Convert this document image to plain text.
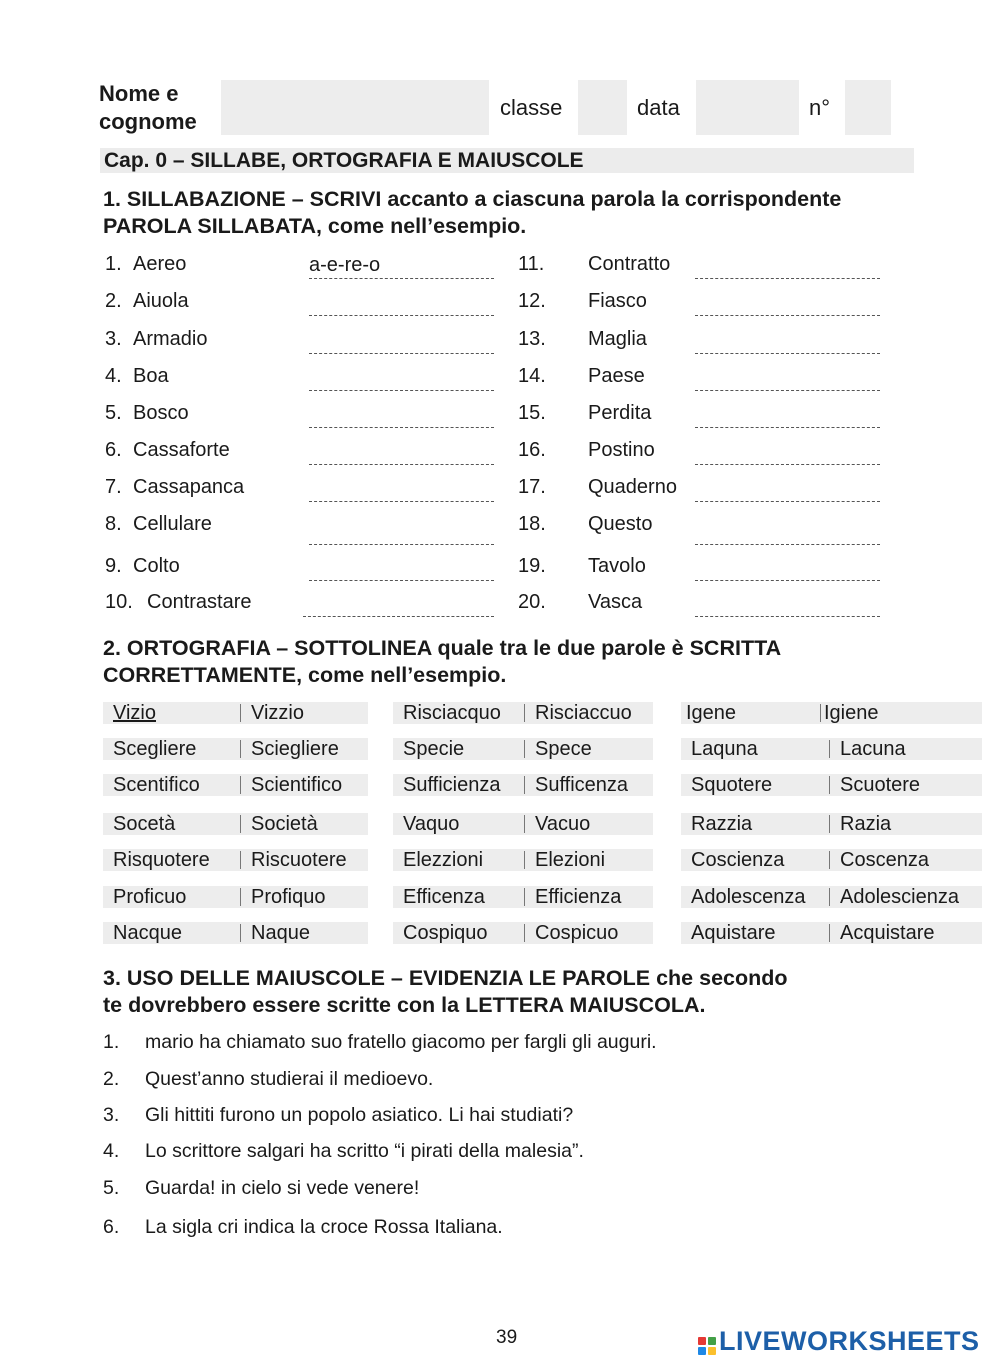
Nome e
cognome
classe	data	n°
Cap. 0 – SILLABE, ORTOGRAFIA E MAIUSCOLE
1. SILLABAZIONE – SCRIVI accanto a ciascuna parola la corrispondente
PAROLA SILLABATA, come nell’esempio.
1. Aereo	a-e-re-o
2. Aiuola
3. Armadio
4. Boa
5. Bosco
6. Cassaforte
7. Cassapanca
8. Cellulare
9. Colto
10. Contrastare
11. Contratto
12. Fiasco
13. Maglia
14. Paese
15. Perdita
16. Postino
17. Quaderno
18. Questo
19. Tavolo
20. Vasca
2. ORTOGRAFIA – SOTTOLINEA quale tra le due parole è SCRITTA
CORRETTAMENTE, come nell’esempio.
Vizio	Vizzio	Risciacquo Risciaccuo	Igene	Igiene
Scegliere	Sciegliere	Specie	Spece	Laquna	Lacuna
Scentifico	Scientifico	Sufficienza Sufficenza	Squotere	Scuotere
Socetà	Società	Vaquo	Vacuo	Razzia	Razia
Risquotere Riscuotere	Elezzioni	Elezioni	Coscienza	Coscenza
Proficuo	Profiquo	Efficenza	Efficienza	Adolescenza Adolescienza
Nacque	Naque	Cospiquo Cospicuo	Aquistare	Acquistare
3. USO DELLE MAIUSCOLE – EVIDENZIA LE PAROLE che secondo
te dovrebbero essere scritte con la LETTERA MAIUSCOLA.
1. mario ha chiamato suo fratello giacomo per fargli gli auguri.
2. Quest’anno studierai il medioevo.
3. Gli hittiti furono un popolo asiatico. Li hai studiati?
4. Lo scrittore salgari ha scritto “i pirati della malesia”.
5. Guarda! in cielo si vede venere!
6. La sigla cri indica la croce Rossa Italiana.
39	LIVEWORKSHEETS
